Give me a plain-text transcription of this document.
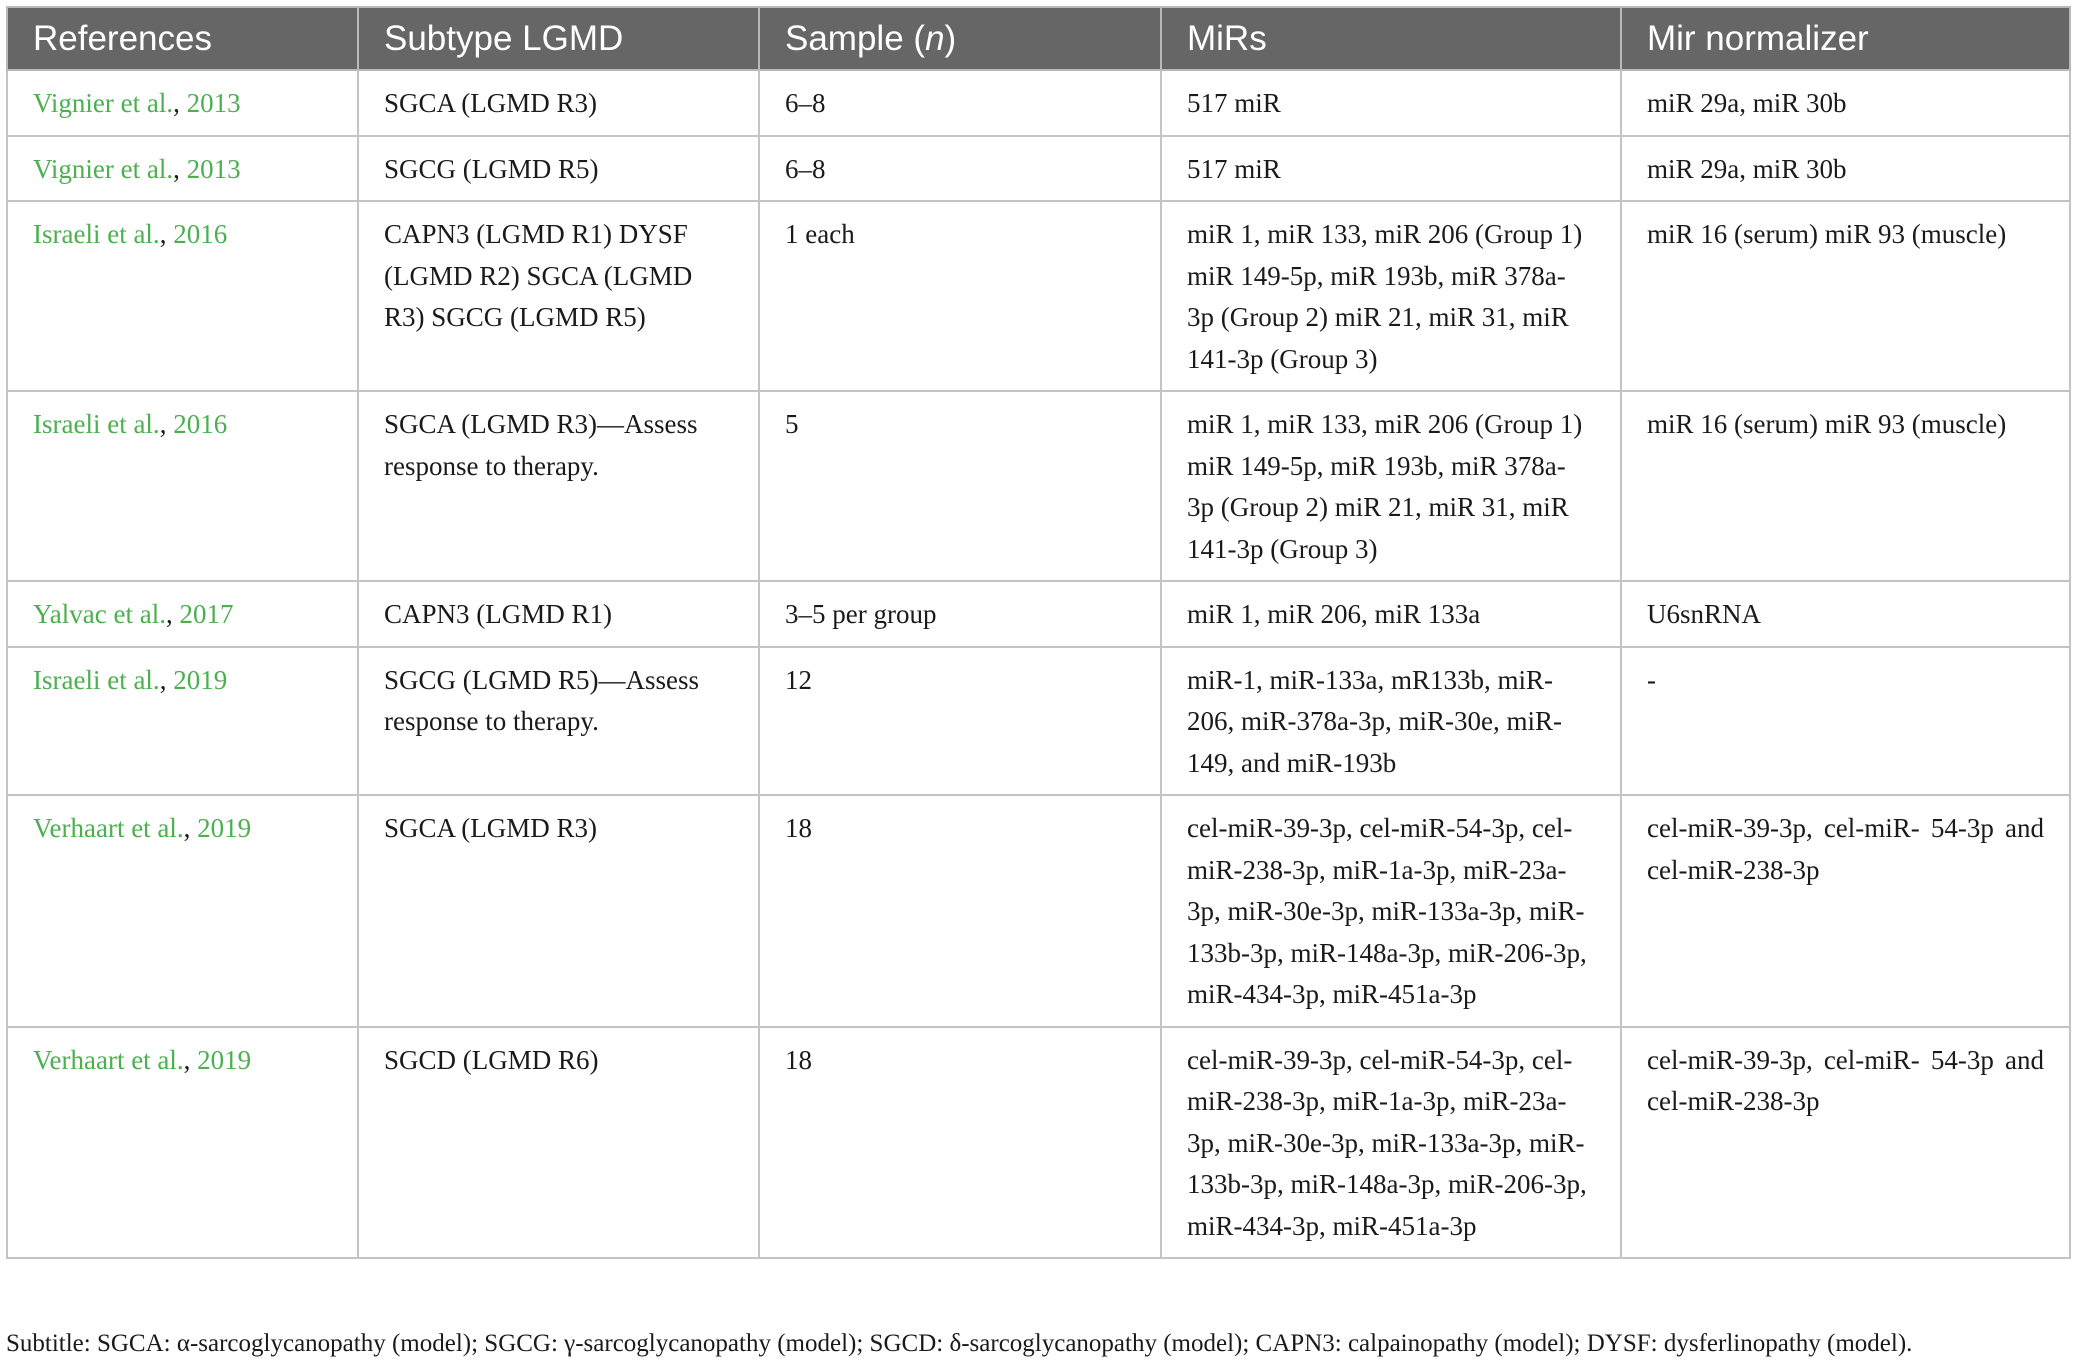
References	Subtype LGMD	Sample (n)	MiRs	Mir normalizer
Vignier et al., 2013	SGCA (LGMD R3)	6–8	517 miR	miR 29a, miR 30b
Vignier et al., 2013	SGCG (LGMD R5)	6–8	517 miR	miR 29a, miR 30b
Israeli et al., 2016	CAPN3 (LGMD R1) DYSF (LGMD R2) SGCA (LGMD R3) SGCG (LGMD R5)	1 each	miR 1, miR 133, miR 206 (Group 1) miR 149-5p, miR 193b, miR 378a- 3p (Group 2) miR 21, miR 31, miR 141-3p (Group 3)	miR 16 (serum) miR 93 (muscle)
Israeli et al., 2016	SGCA (LGMD R3)—Assess response to therapy.	5	miR 1, miR 133, miR 206 (Group 1) miR 149-5p, miR 193b, miR 378a- 3p (Group 2) miR 21, miR 31, miR 141-3p (Group 3)	miR 16 (serum) miR 93 (muscle)
Yalvac et al., 2017	CAPN3 (LGMD R1)	3–5 per group	miR 1, miR 206, miR 133a	U6snRNA
Israeli et al., 2019	SGCG (LGMD R5)—Assess response to therapy.	12	miR-1, miR-133a, mR133b, miR-206, miR-378a-3p, miR-30e, miR-149, and miR-193b	-
Verhaart et al., 2019	SGCA (LGMD R3)	18	cel-miR-39-3p, cel-miR-54-3p, cel-miR-238-3p, miR-1a-3p, miR-23a-3p, miR-30e-3p, miR-133a-3p, miR-133b-3p, miR-148a-3p, miR-206-3p, miR-434-3p, miR-451a-3p	cel-miR-39-3p, cel-miR- 54-3p and cel-miR-238-3p
Verhaart et al., 2019	SGCD (LGMD R6)	18	cel-miR-39-3p, cel-miR-54-3p, cel-miR-238-3p, miR-1a-3p, miR-23a-3p, miR-30e-3p, miR-133a-3p, miR-133b-3p, miR-148a-3p, miR-206-3p, miR-434-3p, miR-451a-3p	cel-miR-39-3p, cel-miR- 54-3p and cel-miR-238-3p
Subtitle: SGCA: α-sarcoglycanopathy (model); SGCG: γ-sarcoglycanopathy (model); SGCD: δ-sarcoglycanopathy (model); CAPN3: calpainopathy (model); DYSF: dysferlinopathy (model).
